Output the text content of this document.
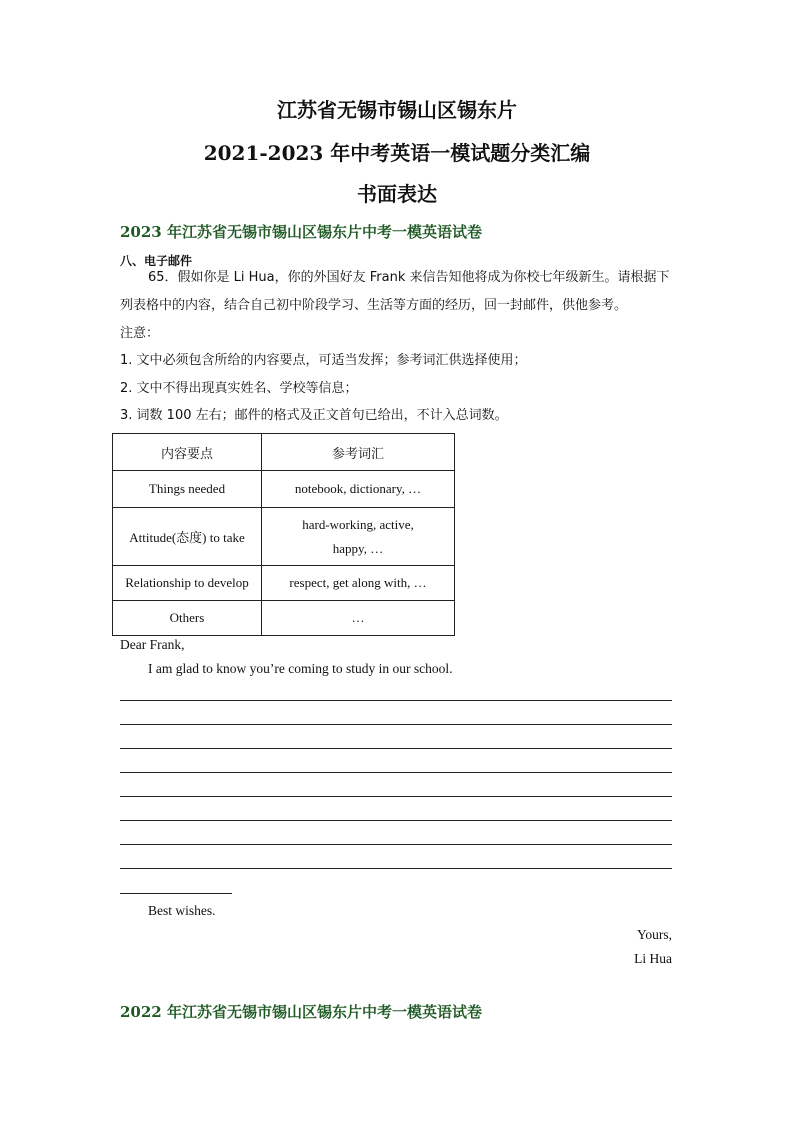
江苏省无锡市锡山区锡东片
2021-2023 年中考英语一模试题分类汇编
书面表达
2023 年江苏省无锡市锡山区锡东片中考一模英语试卷
八、电子邮件
65．假如你是 Li Hua，你的外国好友 Frank 来信告知他将成为你校七年级新生。请根据下列表格中的内容，结合自己初中阶段学习、生活等方面的经历，回一封邮件，供他参考。
注意：
1. 文中必须包含所给的内容要点，可适当发挥；参考词汇供选择使用；
2. 文中不得出现真实姓名、学校等信息；
3. 词数 100 左右；邮件的格式及正文首句已给出，不计入总词数。
内容要点	参考词汇
Things needed	notebook, dictionary, …
Attitude(态度) to take	hard-working, active,
happy, …
Relationship to develop	respect, get along with, …
Others	…
Dear Frank,
I am glad to know you’re coming to study in our school.
Best wishes.
Yours,
Li Hua
2022 年江苏省无锡市锡山区锡东片中考一模英语试卷
